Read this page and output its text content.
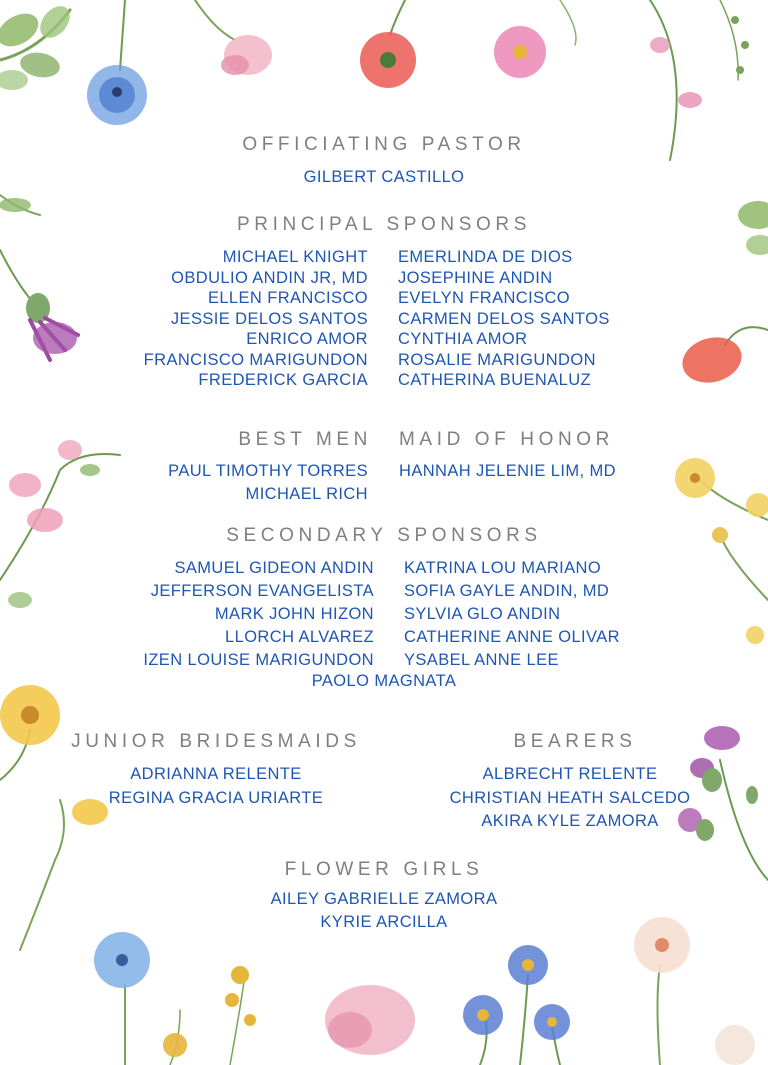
OFFICIATING PASTOR
GILBERT CASTILLO
PRINCIPAL SPONSORS
MICHAEL KNIGHT
OBDULIO ANDIN JR, MD
ELLEN FRANCISCO
JESSIE DELOS SANTOS
ENRICO AMOR
FRANCISCO MARIGUNDON
FREDERICK GARCIA
EMERLINDA DE DIOS
JOSEPHINE ANDIN
EVELYN FRANCISCO
CARMEN DELOS SANTOS
CYNTHIA AMOR
ROSALIE MARIGUNDON
CATHERINA BUENALUZ
BEST MEN MAID OF HONOR
PAUL TIMOTHY TORRES
MICHAEL RICH
HANNAH JELENIE LIM, MD
SECONDARY SPONSORS
SAMUEL GIDEON ANDIN
JEFFERSON EVANGELISTA
MARK JOHN HIZON
LLORCH ALVAREZ
IZEN LOUISE MARIGUNDON
KATRINA LOU MARIANO
SOFIA GAYLE ANDIN, MD
SYLVIA GLO ANDIN
CATHERINE ANNE OLIVAR
YSABEL ANNE LEE
PAOLO MAGNATA
JUNIOR BRIDESMAIDS
ADRIANNA RELENTE
REGINA GRACIA URIARTE
BEARERS
ALBRECHT RELENTE
CHRISTIAN HEATH SALCEDO
AKIRA KYLE ZAMORA
FLOWER GIRLS
AILEY GABRIELLE ZAMORA
KYRIE ARCILLA
